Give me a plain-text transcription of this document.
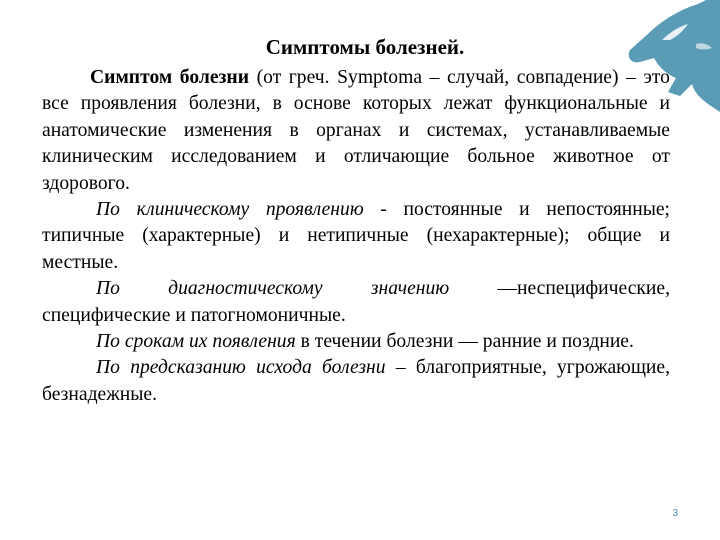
Симптомы болезней.

Симптом болезни (от греч. Symptoma – случай, совпадение) – это все проявления болезни, в основе которых лежат функциональные и анатомические изменения в органах и системах, устанавливаемые клиническим исследованием и отличающие больное животное от здорового.

По клиническому проявлению - постоянные и непостоянные; типичные (характерные) и нетипичные (нехарактерные); общие и местные.

По диагностическому значению —неспецифические, специфические и патогномоничные.

По срокам их появления в течении болезни — ранние и поздние.

По предсказанию исхода болезни – благоприятные, угрожающие, безнадежные.

3
